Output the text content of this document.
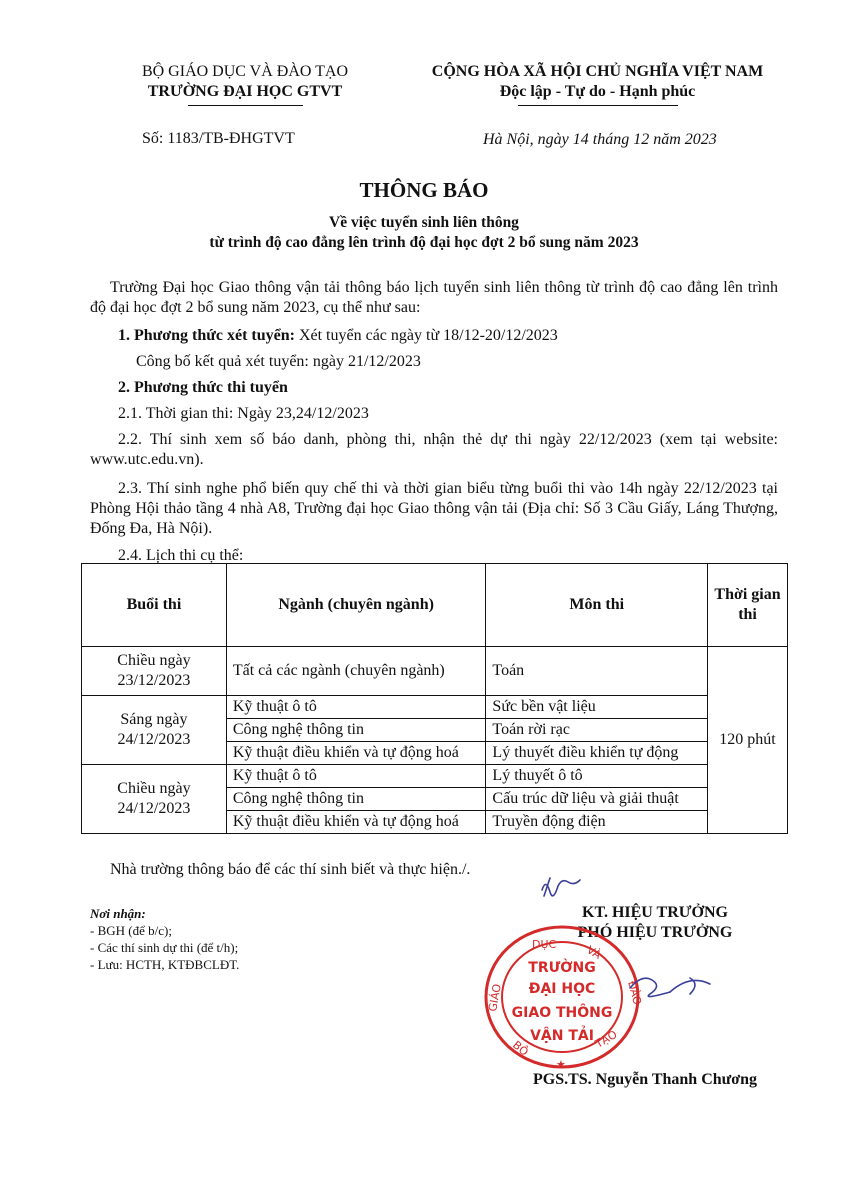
BỘ GIÁO DỤC VÀ ĐÀO TẠO
TRƯỜNG ĐẠI HỌC GTVT
CỘNG HÒA XÃ HỘI CHỦ NGHĨA VIỆT NAM
Độc lập - Tự do - Hạnh phúc
Số: 1183/TB-ĐHGTVT	Hà Nội, ngày 14 tháng 12 năm 2023
THÔNG BÁO
Về việc tuyển sinh liên thông
từ trình độ cao đẳng lên trình độ đại học đợt 2 bổ sung năm 2023
Trường Đại học Giao thông vận tải thông báo lịch tuyển sinh liên thông từ trình độ cao đẳng lên trình độ đại học đợt 2 bổ sung năm 2023, cụ thể như sau:
1. Phương thức xét tuyển: Xét tuyển các ngày từ 18/12-20/12/2023
Công bố kết quả xét tuyển: ngày 21/12/2023
2. Phương thức thi tuyển
2.1. Thời gian thi: Ngày 23,24/12/2023
2.2. Thí sinh xem số báo danh, phòng thi, nhận thẻ dự thi ngày 22/12/2023 (xem tại website: www.utc.edu.vn).
2.3. Thí sinh nghe phổ biến quy chế thi và thời gian biểu từng buổi thi vào 14h ngày 22/12/2023 tại Phòng Hội thảo tầng 4 nhà A8, Trường đại học Giao thông vận tải (Địa chỉ: Số 3 Cầu Giấy, Láng Thượng, Đống Đa, Hà Nội).
2.4. Lịch thi cụ thể:
Buổi thi	Ngành (chuyên ngành)	Môn thi	Thời gian thi
Chiều ngày 23/12/2023	Tất cả các ngành (chuyên ngành)	Toán	120 phút
Sáng ngày 24/12/2023	Kỹ thuật ô tô	Sức bền vật liệu	
	Công nghệ thông tin	Toán rời rạc	
	Kỹ thuật điều khiển và tự động hoá	Lý thuyết điều khiển tự động	
Chiều ngày 24/12/2023	Kỹ thuật ô tô	Lý thuyết ô tô	
	Công nghệ thông tin	Cấu trúc dữ liệu và giải thuật	
	Kỹ thuật điều khiển và tự động hoá	Truyền động điện	
Nhà trường thông báo để các thí sinh biết và thực hiện./.
Nơi nhận:
- BGH (để b/c);
- Các thí sinh dự thi (để t/h);
- Lưu: HCTH, KTĐBCLĐT.
KT. HIỆU TRƯỞNG
PHÓ HIỆU TRƯỞNG
DỤC	VÀ
GIÁO	ĐÀO
TẠO
BỘ
★
TRƯỜNG
ĐẠI HỌC
GIAO THÔNG
VẬN TẢI
PGS.TS. Nguyễn Thanh Chương
